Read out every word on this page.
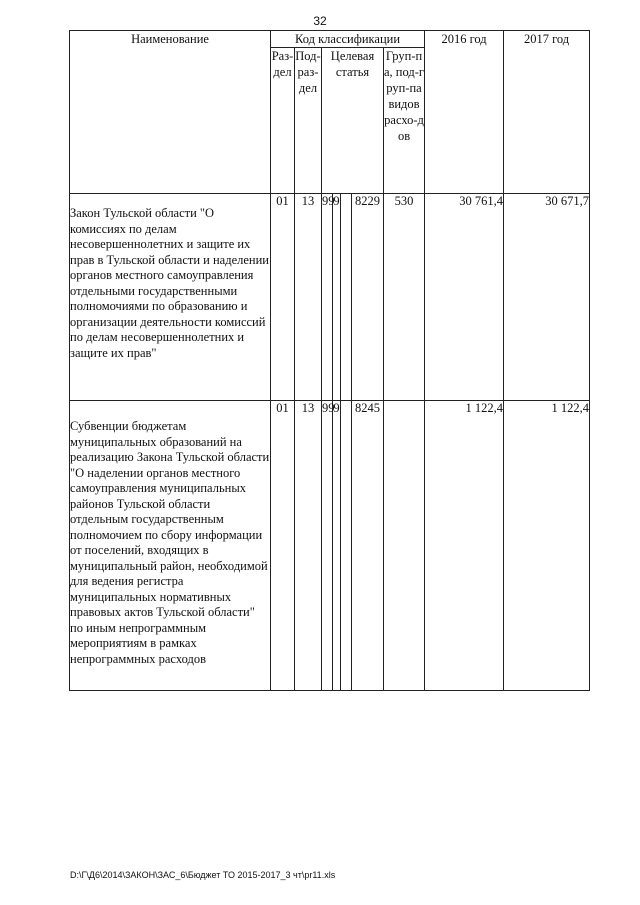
32
Наименование	Код классификации							2016 год	2017 год
	Раз-дел	Под-раз-дел	Целевая статья				Груп-па, под-груп-па видов расхо-дов		
Закон Тульской области "О комиссиях по делам несовершеннолетних и защите их прав в Тульской области и наделении органов местного самоуправления отдельными государственными полномочиями по образованию и организации деятельности комиссий по делам несовершеннолетних и защите их прав"	01	13	99	9		8229	530	30 761,4	30 671,7
Субвенции бюджетам муниципальных образований на реализацию Закона Тульской области "О наделении органов местного самоуправления муниципальных районов Тульской области отдельным государственным полномочием по сбору информации от поселений, входящих в муниципальный район, необходимой для ведения регистра муниципальных нормативных правовых актов Тульской области" по иным непрограммным мероприятиям в рамках непрограммных расходов	01	13	99	9		8245		1 122,4	1 122,4
D:\Г\Д6\2014\ЗАКОН\ЗАС_6\Бюджет ТО 2015-2017_3 чт\рr11.xls
